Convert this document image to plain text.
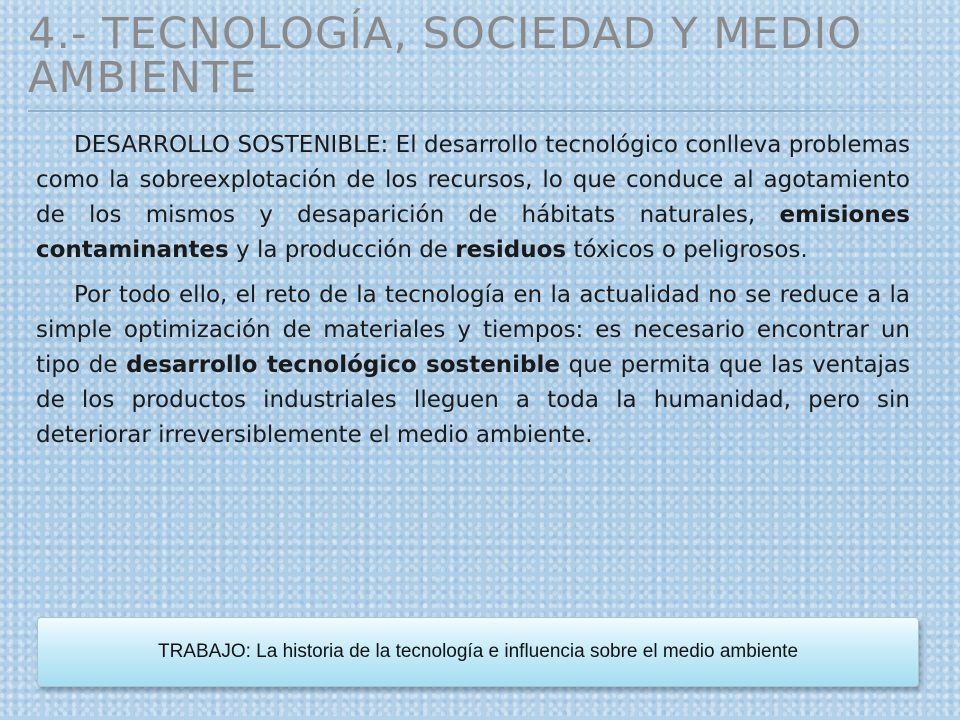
4.- TECNOLOGÍA, SOCIEDAD Y MEDIO AMBIENTE

DESARROLLO SOSTENIBLE: El desarrollo tecnológico conlleva problemas como la sobreexplotación de los recursos, lo que conduce al agotamiento de los mismos y desaparición de hábitats naturales, emisiones contaminantes y la producción de residuos tóxicos o peligrosos.

Por todo ello, el reto de la tecnología en la actualidad no se reduce a la simple optimización de materiales y tiempos: es necesario encontrar un tipo de desarrollo tecnológico sostenible que permita que las ventajas de los productos industriales lleguen a toda la humanidad, pero sin deteriorar irreversiblemente el medio ambiente.

TRABAJO: La historia de la tecnología e influencia sobre el medio ambiente
